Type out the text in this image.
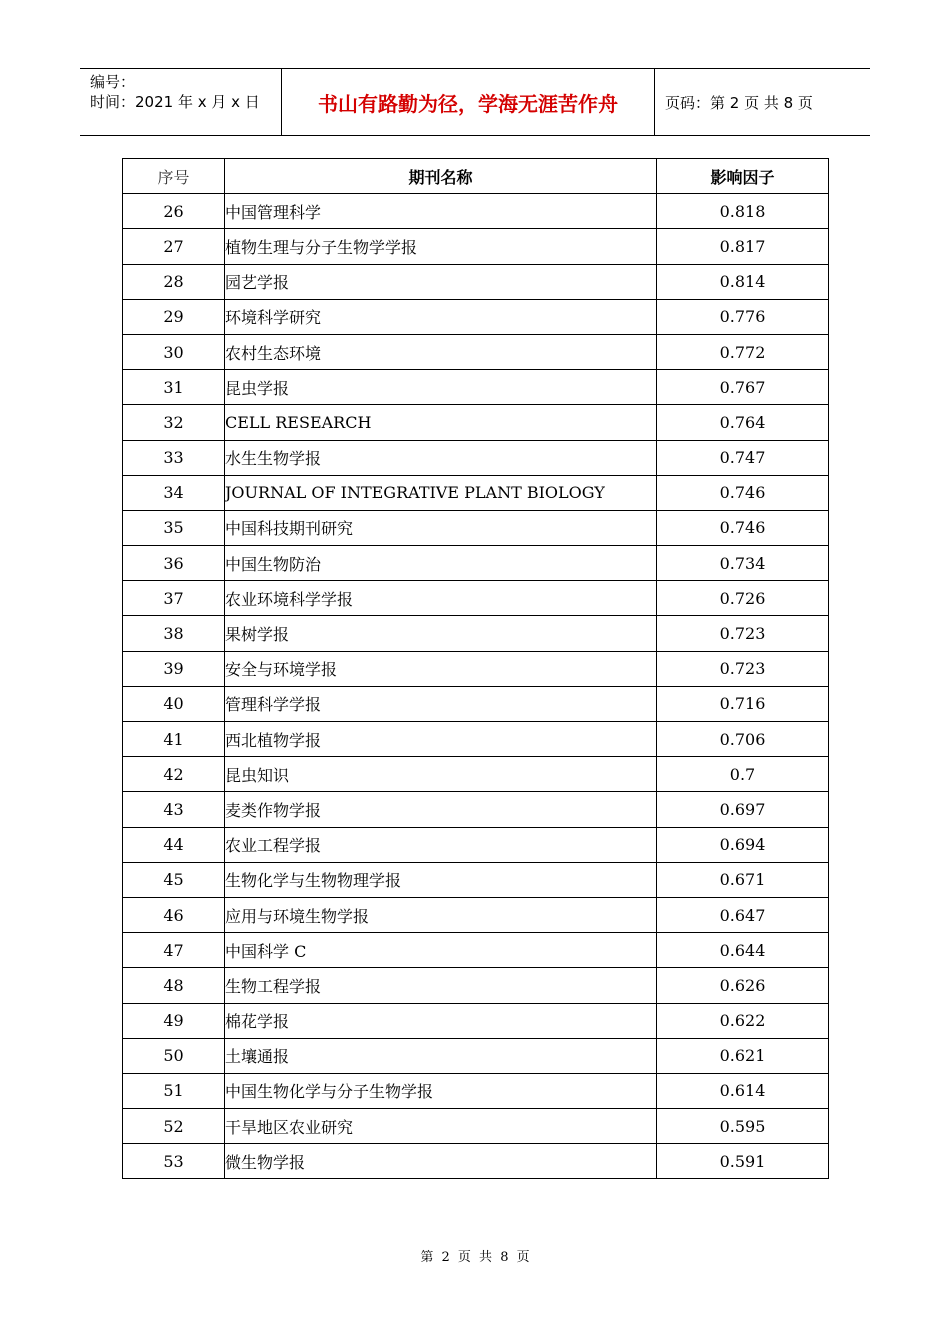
编号：
时间：2021 年 x 月 x 日	书山有路勤为径，学海无涯苦作舟	页码：第 2 页 共 8 页
序号	期刊名称	影响因子
26	中国管理科学	0.818
27	植物生理与分子生物学学报	0.817
28	园艺学报	0.814
29	环境科学研究	0.776
30	农村生态环境	0.772
31	昆虫学报	0.767
32	CELL RESEARCH	0.764
33	水生生物学报	0.747
34	JOURNAL OF INTEGRATIVE PLANT BIOLOGY	0.746
35	中国科技期刊研究	0.746
36	中国生物防治	0.734
37	农业环境科学学报	0.726
38	果树学报	0.723
39	安全与环境学报	0.723
40	管理科学学报	0.716
41	西北植物学报	0.706
42	昆虫知识	0.7
43	麦类作物学报	0.697
44	农业工程学报	0.694
45	生物化学与生物物理学报	0.671
46	应用与环境生物学报	0.647
47	中国科学 C	0.644
48	生物工程学报	0.626
49	棉花学报	0.622
50	土壤通报	0.621
51	中国生物化学与分子生物学报	0.614
52	干旱地区农业研究	0.595
53	微生物学报	0.591
第 2 页 共 8 页
